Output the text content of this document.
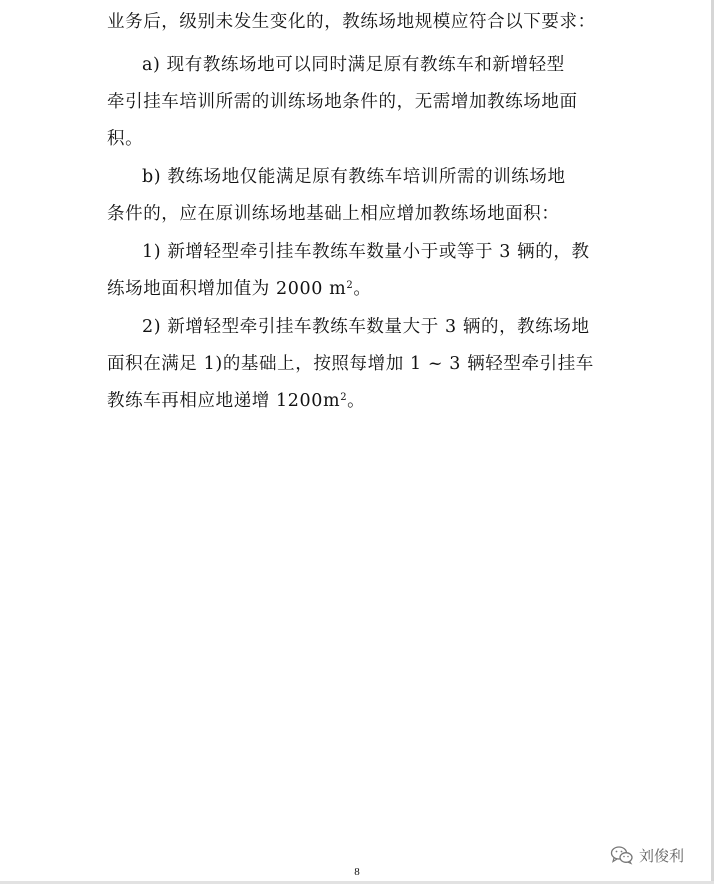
业务后，级别未发生变化的，教练场地规模应符合以下要求：
a) 现有教练场地可以同时满足原有教练车和新增轻型
牵引挂车培训所需的训练场地条件的，无需增加教练场地面
积。
b) 教练场地仅能满足原有教练车培训所需的训练场地
条件的，应在原训练场地基础上相应增加教练场地面积：
1) 新增轻型牵引挂车教练车数量小于或等于 3 辆的，教
练场地面积增加值为 2000 $m^2$。
2) 新增轻型牵引挂车教练车数量大于 3 辆的，教练场地
面积在满足 1)的基础上，按照每增加 1 ~ 3 辆轻型牵引挂车
教练车再相应地递增 $1200m^2$。
8
刘俊利
